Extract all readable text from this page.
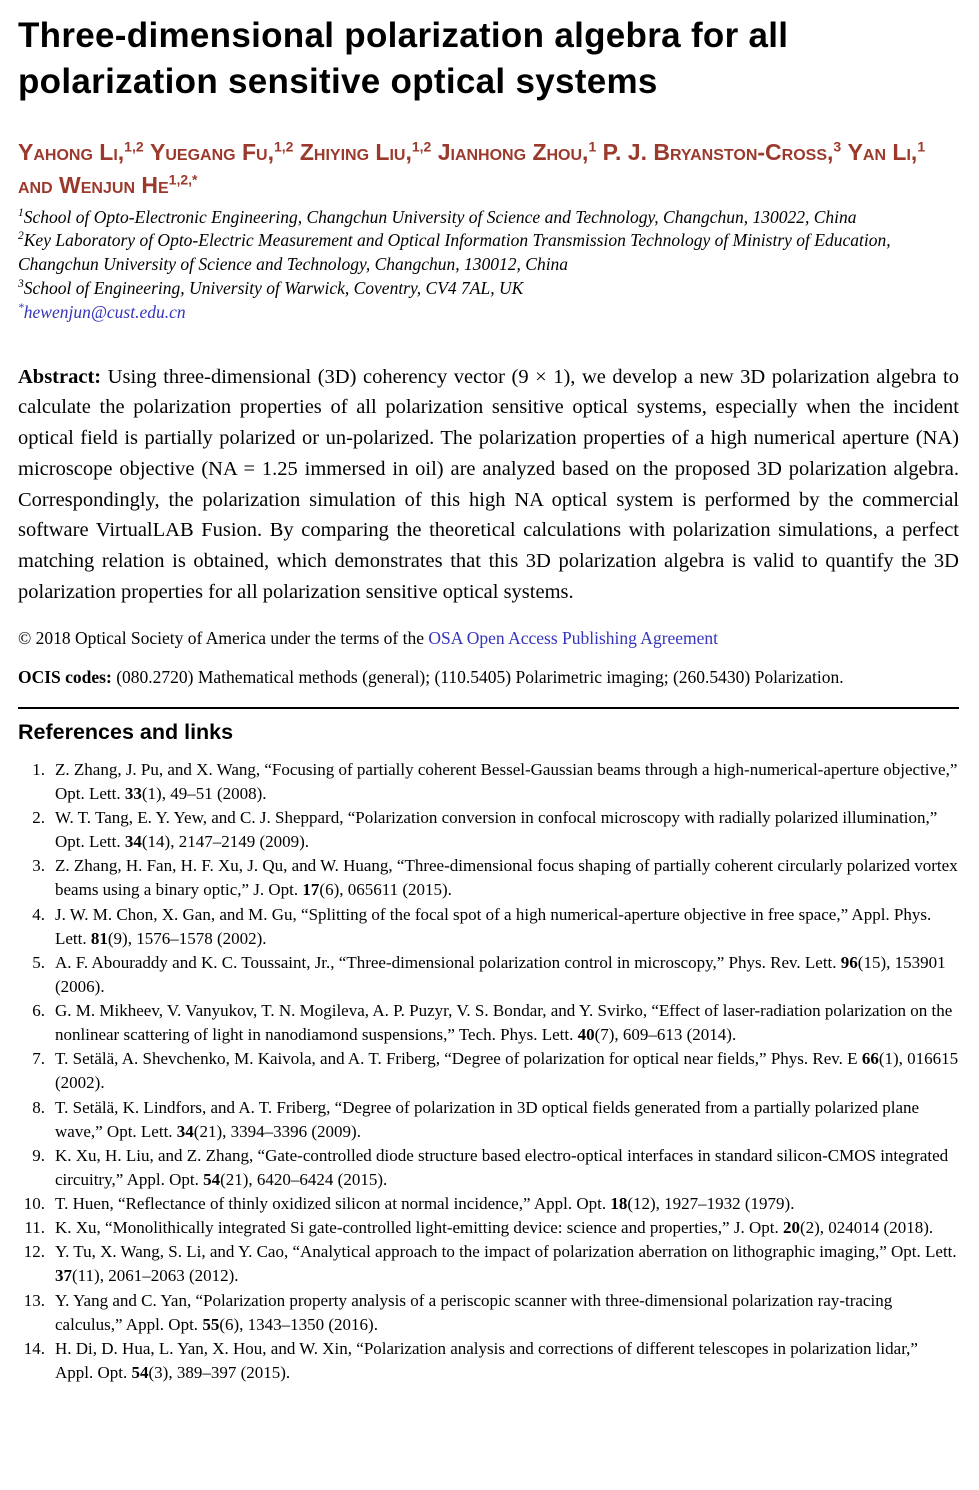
Three-dimensional polarization algebra for all polarization sensitive optical systems

Yahong Li,$^{1,2}$ Yuegang Fu,$^{1,2}$ Zhiying Liu,$^{1,2}$ Jianhong Zhou,$^1$ P. J. Bryanston-Cross,$^3$ Yan Li,$^1$ and Wenjun $He^{1,2,*}$

$^1$School of Opto-Electronic Engineering, Changchun University of Science and Technology, Changchun, 130022, China

$^2$Key Laboratory of Opto-Electric Measurement and Optical Information Transmission Technology of Ministry of Education, Changchun University of Science and Technology, Changchun, 130012, China

$^3$School of Engineering, University of Warwick, Coventry, CV4 7AL, UK

*hewenjun@cust.edu.cn

Abstract: Using three-dimensional (3D) coherency vector (9 × 1), we develop a new 3D polarization algebra to calculate the polarization properties of all polarization sensitive optical systems, especially when the incident optical field is partially polarized or un-polarized. The polarization properties of a high numerical aperture (NA) microscope objective (NA = 1.25 immersed in oil) are analyzed based on the proposed 3D polarization algebra. Correspondingly, the polarization simulation of this high NA optical system is performed by the commercial software VirtualLAB Fusion. By comparing the theoretical calculations with polarization simulations, a perfect matching relation is obtained, which demonstrates that this 3D polarization algebra is valid to quantify the 3D polarization properties for all polarization sensitive optical systems.

© 2018 Optical Society of America under the terms of the OSA Open Access Publishing Agreement

OCIS codes: (080.2720) Mathematical methods (general); (110.5405) Polarimetric imaging; (260.5430) Polarization.

References and links
1. Z. Zhang, J. Pu, and X. Wang, “Focusing of partially coherent Bessel-Gaussian beams through a high-numerical-aperture objective,” Opt. Lett. 33(1), 49–51 (2008).
2. W. T. Tang, E. Y. Yew, and C. J. Sheppard, “Polarization conversion in confocal microscopy with radially polarized illumination,” Opt. Lett. 34(14), 2147–2149 (2009).
3. Z. Zhang, H. Fan, H. F. Xu, J. Qu, and W. Huang, “Three-dimensional focus shaping of partially coherent circularly polarized vortex beams using a binary optic,” J. Opt. 17(6), 065611 (2015).
4. J. W. M. Chon, X. Gan, and M. Gu, “Splitting of the focal spot of a high numerical-aperture objective in free space,” Appl. Phys. Lett. 81(9), 1576–1578 (2002).
5. A. F. Abouraddy and K. C. Toussaint, Jr., “Three-dimensional polarization control in microscopy,” Phys. Rev. Lett. 96(15), 153901 (2006).
6. G. M. Mikheev, V. Vanyukov, T. N. Mogileva, A. P. Puzyr, V. S. Bondar, and Y. Svirko, “Effect of laser-radiation polarization on the nonlinear scattering of light in nanodiamond suspensions,” Tech. Phys. Lett. 40(7), 609–613 (2014).
7. T. Setälä, A. Shevchenko, M. Kaivola, and A. T. Friberg, “Degree of polarization for optical near fields,” Phys. Rev. E 66(1), 016615 (2002).
8. T. Setälä, K. Lindfors, and A. T. Friberg, “Degree of polarization in 3D optical fields generated from a partially polarized plane wave,” Opt. Lett. 34(21), 3394–3396 (2009).
9. K. Xu, H. Liu, and Z. Zhang, “Gate-controlled diode structure based electro-optical interfaces in standard silicon-CMOS integrated circuitry,” Appl. Opt. 54(21), 6420–6424 (2015).
10. T. Huen, “Reflectance of thinly oxidized silicon at normal incidence,” Appl. Opt. 18(12), 1927–1932 (1979).
11. K. Xu, “Monolithically integrated Si gate-controlled light-emitting device: science and properties,” J. Opt. 20(2), 024014 (2018).
12. Y. Tu, X. Wang, S. Li, and Y. Cao, “Analytical approach to the impact of polarization aberration on lithographic imaging,” Opt. Lett. 37(11), 2061–2063 (2012).
13. Y. Yang and C. Yan, “Polarization property analysis of a periscopic scanner with three-dimensional polarization ray-tracing calculus,” Appl. Opt. 55(6), 1343–1350 (2016).
14. H. Di, D. Hua, L. Yan, X. Hou, and W. Xin, “Polarization analysis and corrections of different telescopes in polarization lidar,” Appl. Opt. 54(3), 389–397 (2015).
